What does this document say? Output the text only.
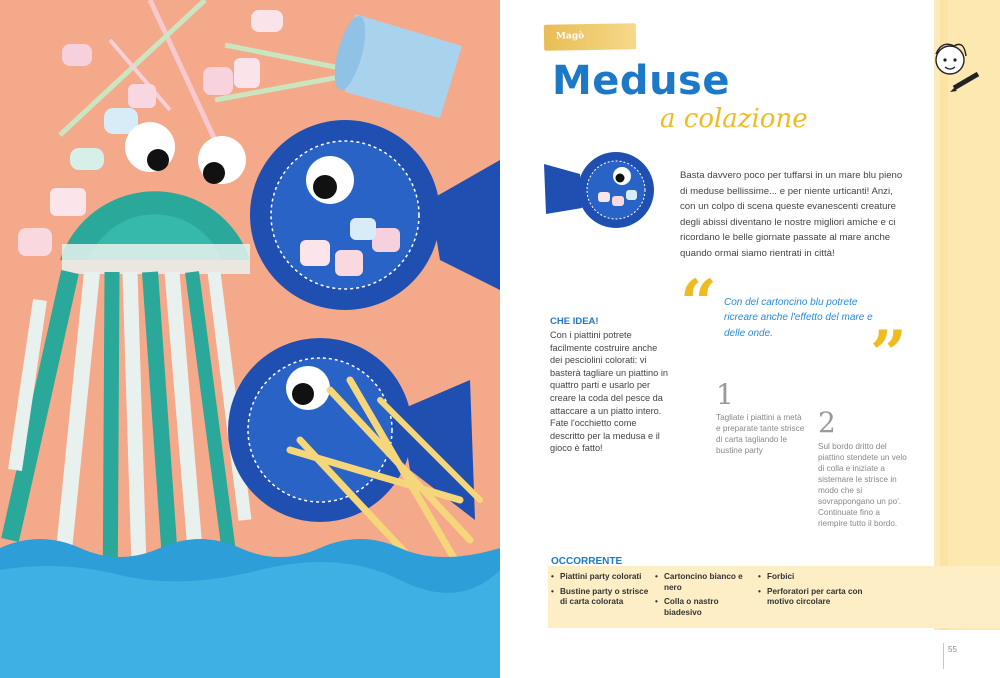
Magò
Meduse
a colazione

Basta davvero poco per tuffarsi in un mare blu pieno di meduse bellissime... e per niente urticanti! Anzi, con un colpo di scena queste evanescenti creature degli abissi diventano le nostre migliori amiche e ci ricordano le belle giornate passate al mare anche quando ormai siamo rientrati in città!

“ Con del cartoncino blu potrete ricreare anche l'effetto del mare e delle onde.	”
CHE IDEA!

Con i piattini potrete facilmente costruire anche dei pesciolini colorati: vi basterà tagliare un piattino in quattro parti e usarlo per creare la coda del pesce da attaccare a un piatto intero. Fate l'occhietto come descritto per la medusa e il gioco è fatto!

1

Tagliate i piattini a metà e preparate tante strisce di carta tagliando le bustine party

2

Sul bordo dritto del piattino stendete un velo di colla e iniziate a sistemare le strisce in modo che si sovrappongano un po'. Continuate fino a riempire tutto il bordo.

OCCORRENTE
• Piattini party colorati
• Bustine party o strisce di carta colorata
• Cartoncino bianco e nero
• Colla o nastro biadesivo
• Forbici
• Perforatori per carta con motivo circolare
55
